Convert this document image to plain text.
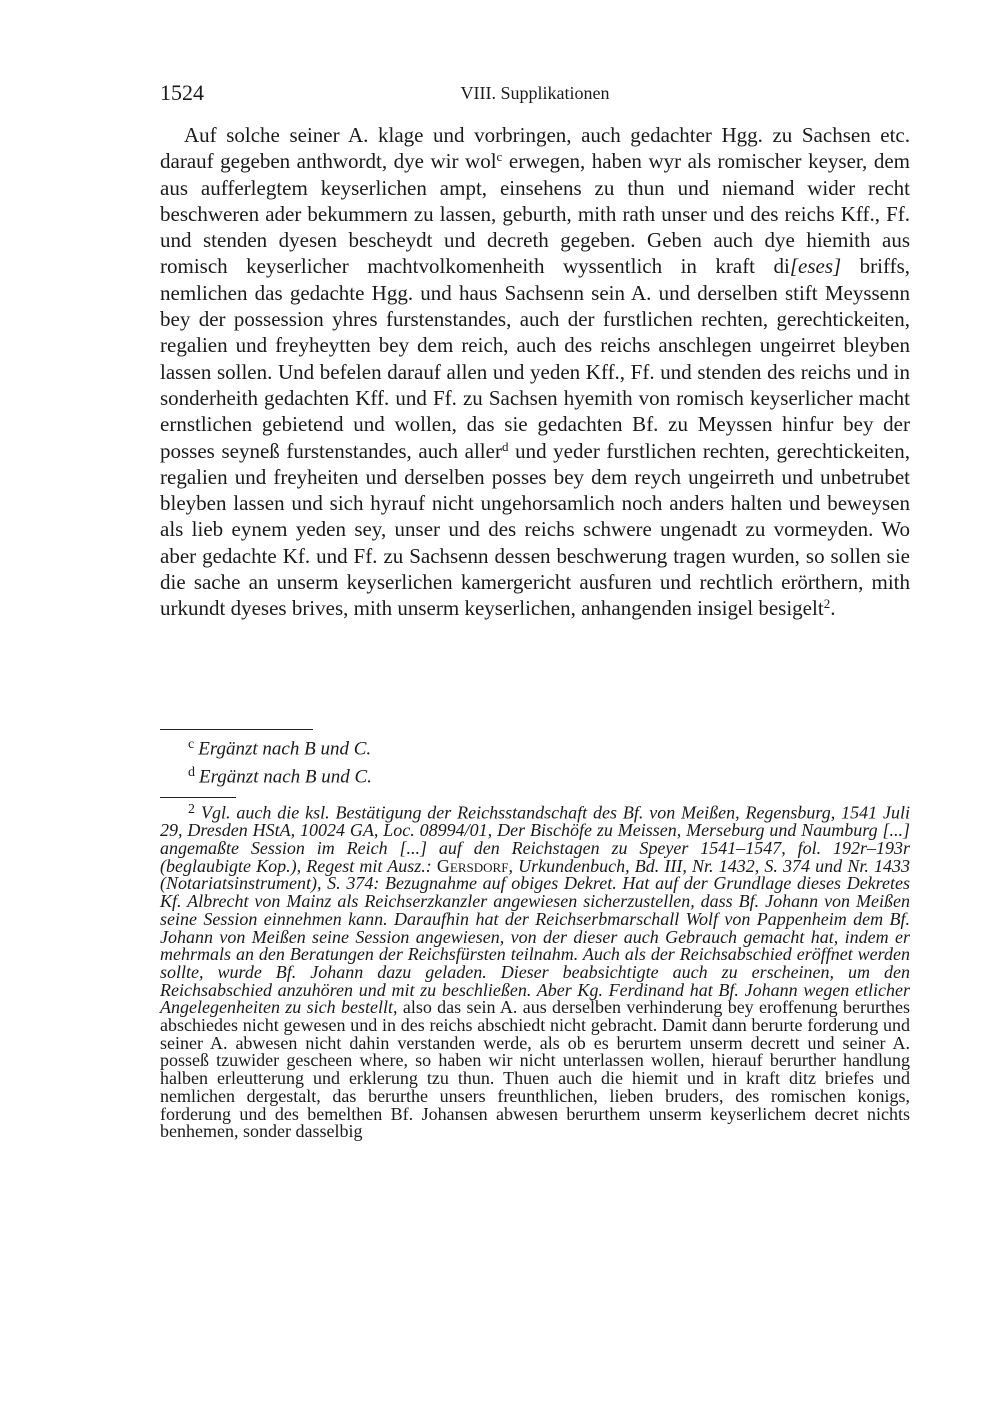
1524	VIII. Supplikationen

Auf solche seiner A. klage und vorbringen, auch gedachter Hgg. zu Sachsen etc. darauf gegeben anthwordt, dye wir wol$^c$ erwegen, haben wyr als romischer keyser, dem aus aufferlegtem keyserlichen ampt, einsehens zu thun und niemand wider recht beschweren ader bekummern zu lassen, geburth, mith rath unser und des reichs Kff., Ff. und stenden dyesen bescheydt und decreth gegeben. Geben auch dye hiemith aus romisch keyserlicher machtvolkomenheith wyssentlich in kraft di[eses] briffs, nemlichen das gedachte Hgg. und haus Sachsenn sein A. und derselben stift Meyssenn bey der possession yhres furstenstandes, auch der furstlichen rechten, gerechtickeiten, regalien und freyheytten bey dem reich, auch des reichs anschlegen ungeirret bleyben lassen sollen. Und befelen darauf allen und yeden Kff., Ff. und stenden des reichs und in sonderheith gedachten Kff. und Ff. zu Sachsen hyemith von romisch keyserlicher macht ernstlichen gebietend und wollen, das sie gedachten Bf. zu Meyssen hinfur bey der posses seyneß furstenstandes, auch aller$^d$ und yeder furstlichen rechten, gerechtickeiten, regalien und freyheiten und derselben posses bey dem reych ungeirreth und unbetrubet bleyben lassen und sich hyrauf nicht ungehorsamlich noch anders halten und beweysen als lieb eynem yeden sey, unser und des reichs schwere ungenadt zu vormeyden. Wo aber gedachte Kf. und Ff. zu Sachsenn dessen beschwerung tragen wurden, so sollen sie die sache an unserm keyserlichen kamergericht ausfuren und rechtlich erörthern, mith urkundt dyeses brives, mith unserm keyserlichen, anhangenden insigel besigelt$^2$.

$^c$ Ergänzt nach B und C.
$^d$ Ergänzt nach B und C.
$^2$ Vgl. auch die ksl. Bestätigung der Reichsstandschaft des Bf. von Meißen, Regensburg, 1541 Juli 29, Dresden HStA, 10024 GA, Loc. 08994/01, Der Bischöfe zu Meissen, Merseburg und Naumburg [...] angemaßte Session im Reich [...] auf den Reichstagen zu Speyer 1541–1547, fol. 192r–193r (beglaubigte Kop.), Regest mit Ausz.: Gersdorf, Urkundenbuch, Bd. III, Nr. 1432, S. 374 und Nr. 1433 (Notariatsinstrument), S. 374: Bezugnahme auf obiges Dekret. Hat auf der Grundlage dieses Dekretes Kf. Albrecht von Mainz als Reichserzkanzler angewiesen sicherzustellen, dass Bf. Johann von Meißen seine Session einnehmen kann. Daraufhin hat der Reichserbmarschall Wolf von Pappenheim dem Bf. Johann von Meißen seine Session angewiesen, von der dieser auch Gebrauch gemacht hat, indem er mehrmals an den Beratungen der Reichsfürsten teilnahm. Auch als der Reichsabschied eröffnet werden sollte, wurde Bf. Johann dazu geladen. Dieser beabsichtigte auch zu erscheinen, um den Reichsabschied anzuhören und mit zu beschließen. Aber Kg. Ferdinand hat Bf. Johann wegen etlicher Angelegenheiten zu sich bestellt, also das sein A. aus derselben verhinderung bey eroffenung berurthes abschiedes nicht gewesen und in des reichs abschiedt nicht gebracht. Damit dann berurte forderung und seiner A. abwesen nicht dahin verstanden werde, als ob es berurtem unserm decrett und seiner A. posseß tzuwider gescheen where, so haben wir nicht unterlassen wollen, hierauf berurther handlung halben erleutterung und erklerung tzu thun. Thuen auch die hiemit und in kraft ditz briefes und nemlichen dergestalt, das berurthe unsers freunthlichen, lieben bruders, des romischen konigs, forderung und des bemelthen Bf. Johansen abwesen berurthem unserm keyserlichem decret nichts benhemen, sonder dasselbig
